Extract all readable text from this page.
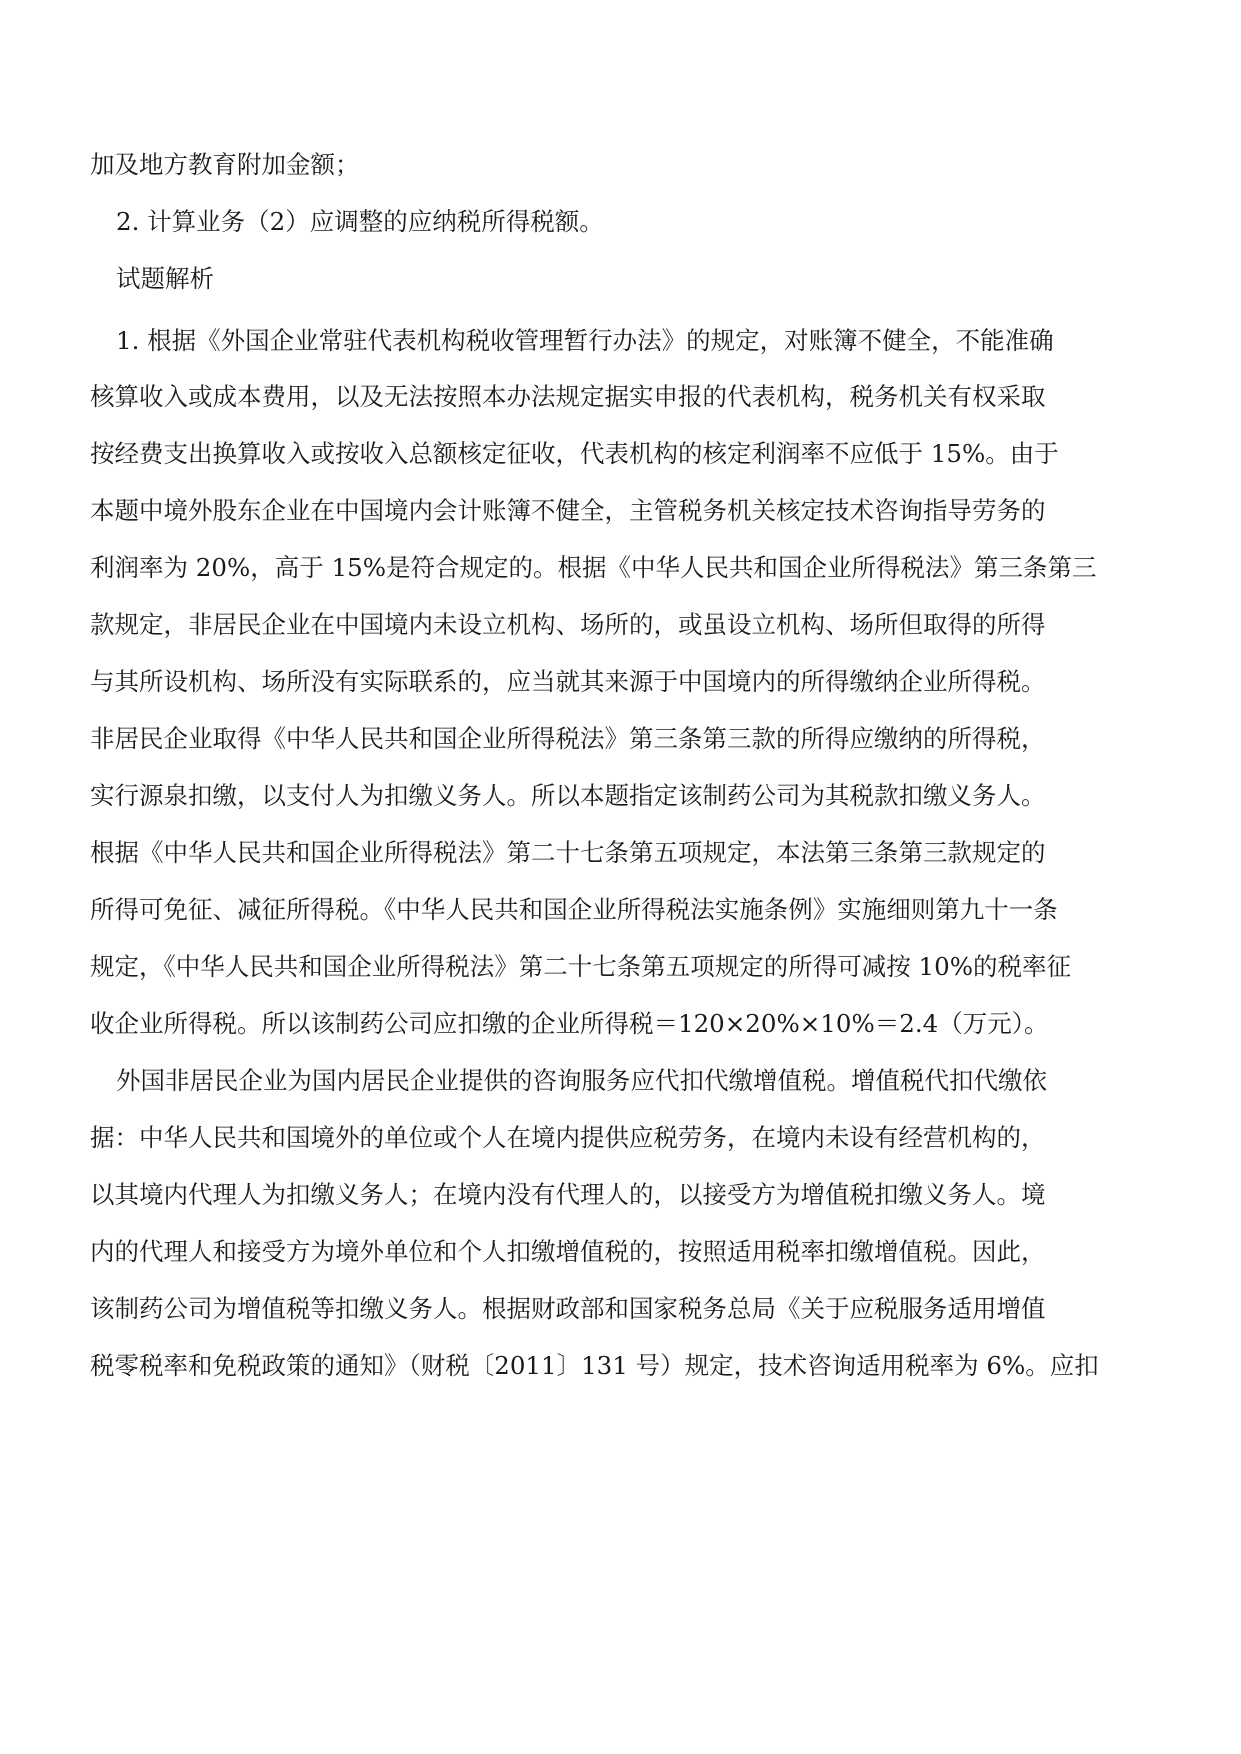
加及地方教育附加金额；
2. 计算业务（2）应调整的应纳税所得税额。
试题解析
1. 根据《外国企业常驻代表机构税收管理暂行办法》的规定，对账簿不健全，不能准确
核算收入或成本费用，以及无法按照本办法规定据实申报的代表机构，税务机关有权采取
按经费支出换算收入或按收入总额核定征收，代表机构的核定利润率不应低于 15%。由于
本题中境外股东企业在中国境内会计账簿不健全，主管税务机关核定技术咨询指导劳务的
利润率为 20%，高于 15%是符合规定的。根据《中华人民共和国企业所得税法》第三条第三
款规定，非居民企业在中国境内未设立机构、场所的，或虽设立机构、场所但取得的所得
与其所设机构、场所没有实际联系的，应当就其来源于中国境内的所得缴纳企业所得税。
非居民企业取得《中华人民共和国企业所得税法》第三条第三款的所得应缴纳的所得税，
实行源泉扣缴，以支付人为扣缴义务人。所以本题指定该制药公司为其税款扣缴义务人。
根据《中华人民共和国企业所得税法》第二十七条第五项规定，本法第三条第三款规定的
所得可免征、减征所得税。《中华人民共和国企业所得税法实施条例》实施细则第九十一条
规定，《中华人民共和国企业所得税法》第二十七条第五项规定的所得可减按 10%的税率征
收企业所得税。所以该制药公司应扣缴的企业所得税＝120×20%×10%＝2.4（万元）。
外国非居民企业为国内居民企业提供的咨询服务应代扣代缴增值税。增值税代扣代缴依
据：中华人民共和国境外的单位或个人在境内提供应税劳务，在境内未设有经营机构的，
以其境内代理人为扣缴义务人；在境内没有代理人的，以接受方为增值税扣缴义务人。境
内的代理人和接受方为境外单位和个人扣缴增值税的，按照适用税率扣缴增值税。因此，
该制药公司为增值税等扣缴义务人。根据财政部和国家税务总局《关于应税服务适用增值
税零税率和免税政策的通知》（财税〔2011〕131 号）规定，技术咨询适用税率为 6%。应扣
